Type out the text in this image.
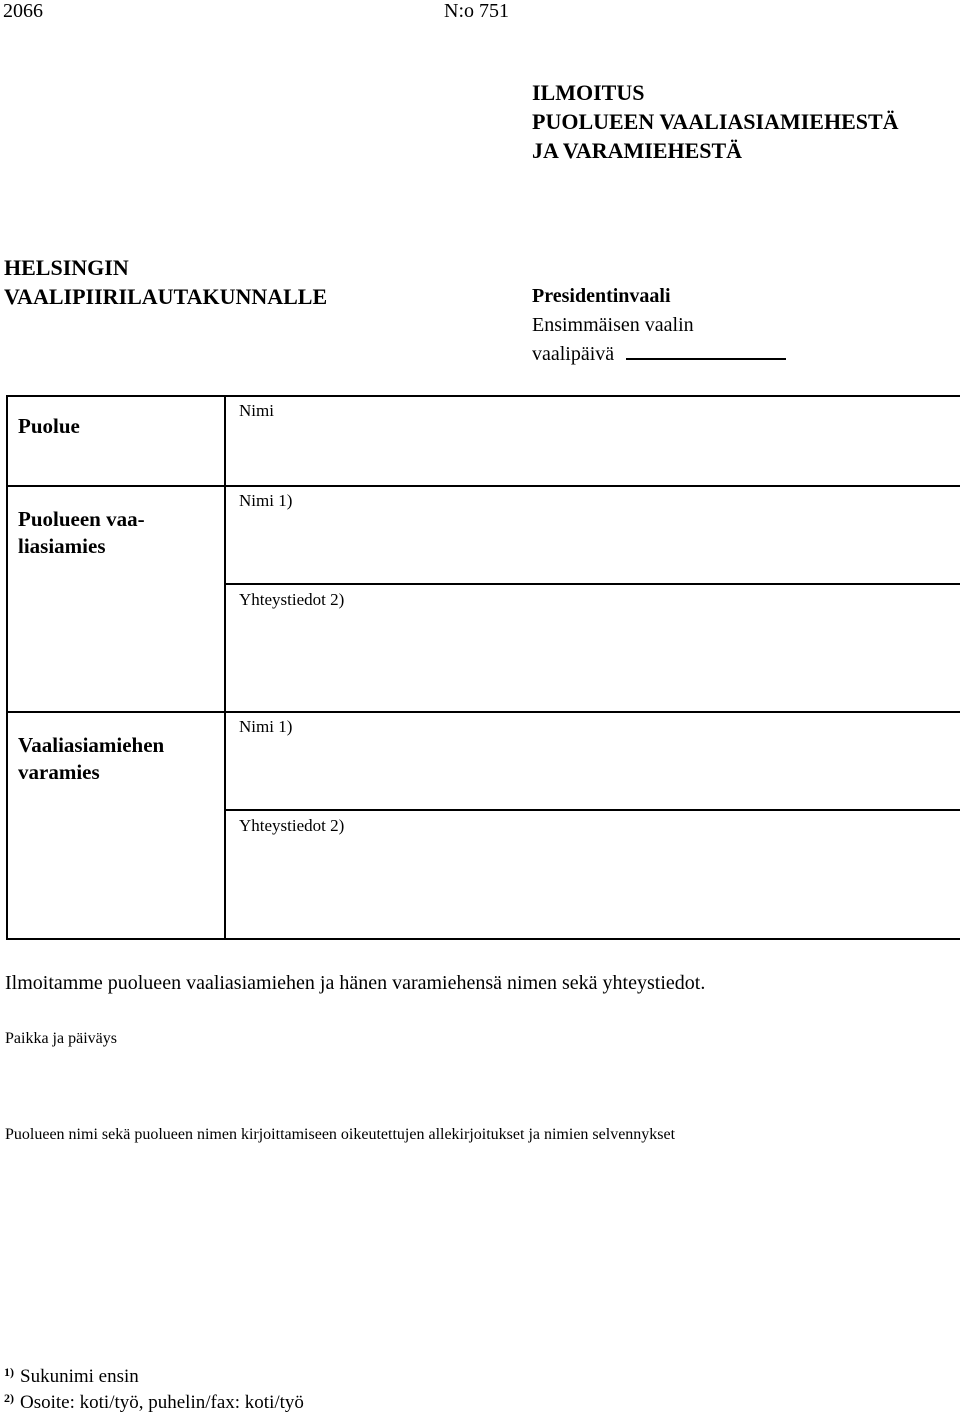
2066	N:o 751
ILMOITUS
PUOLUEEN VAALIASIAMIEHESTÄ
JA VARAMIEHESTÄ
HELSINGIN
VAALIPIIRILAUTAKUNNALLE	Presidentinvaali
Ensimmäisen vaalin
vaalipäivä
Puolue
Nimi
Puolueen vaa-
liasiamies
Nimi 1)
Yhteystiedot 2)
Vaaliasiamiehen
varamies
Nimi 1)
Yhteystiedot 2)
Ilmoitamme puolueen vaaliasiamiehen ja hänen varamiehensä nimen sekä yhteystiedot.
Paikka ja päiväys
Puolueen nimi sekä puolueen nimen kirjoittamiseen oikeutettujen allekirjoitukset ja nimien selvennykset
$^{1)}$ Sukunimi ensin
$^{2)}$ Osoite: koti/työ, puhelin/fax: koti/työ
